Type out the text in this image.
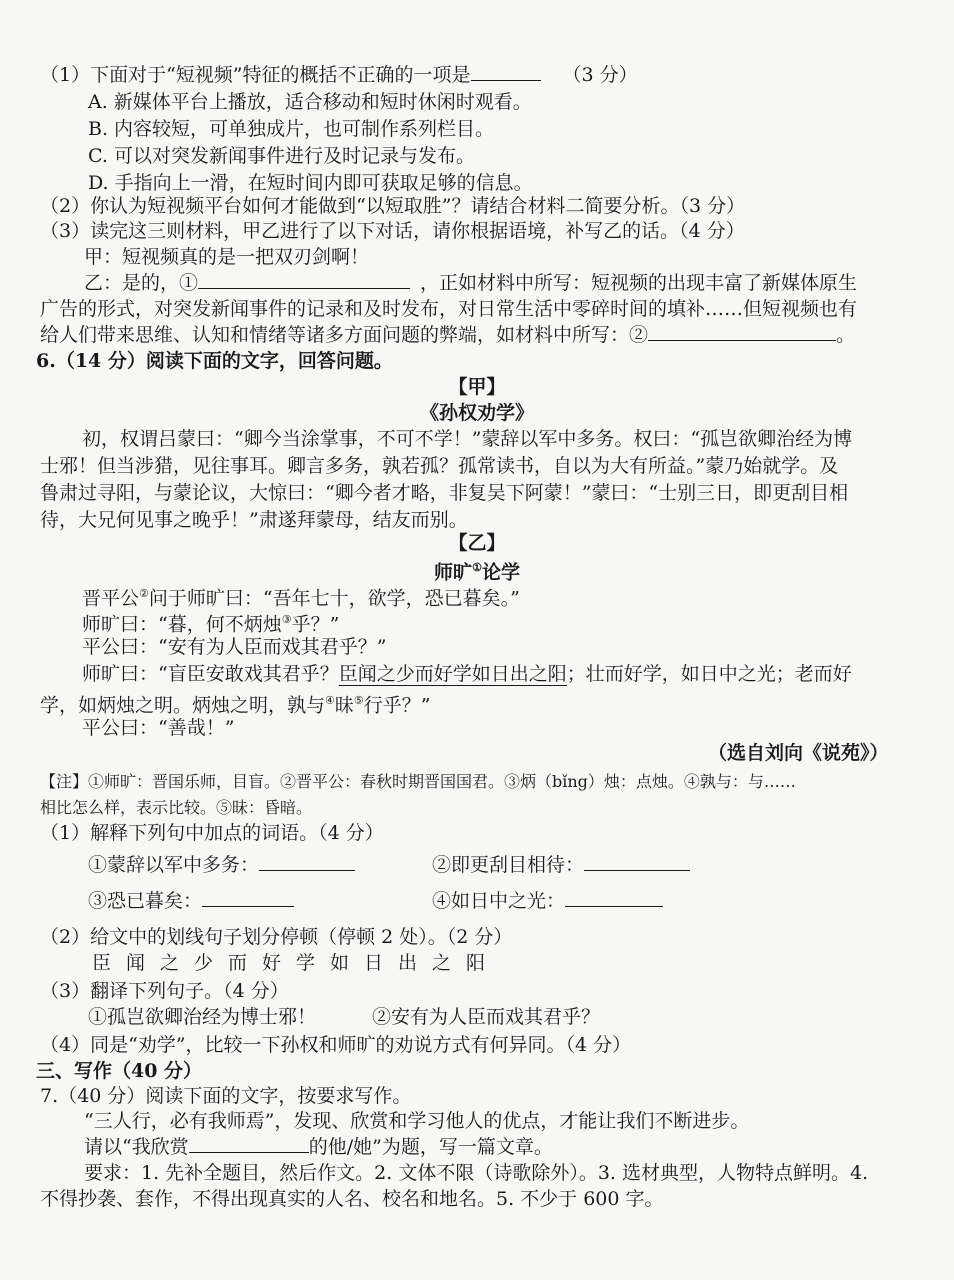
（1）下面对于“短视频”特征的概括不正确的一项是	（3 分）
A. 新媒体平台上播放，适合移动和短时休闲时观看。
B. 内容较短，可单独成片，也可制作系列栏目。
C. 可以对突发新闻事件进行及时记录与发布。
D. 手指向上一滑，在短时间内即可获取足够的信息。
（2）你认为短视频平台如何才能做到“以短取胜”？请结合材料二简要分析。（3 分）
（3）读完这三则材料，甲乙进行了以下对话，请你根据语境，补写乙的话。（4 分）
甲：短视频真的是一把双刃剑啊！
乙：是的，①	，正如材料中所写：短视频的出现丰富了新媒体原生
广告的形式，对突发新闻事件的记录和及时发布，对日常生活中零碎时间的填补……但短视频也有
给人们带来思维、认知和情绪等诸多方面问题的弊端，如材料中所写：②	。
6.（14 分）阅读下面的文字，回答问题。
【甲】
《孙权劝学》
初，权谓吕蒙曰：“卿今当涂掌事，不可不学！”蒙辞以军中多务。权曰：“孤岂欲卿治经为博
士邪！但当涉猎，见往事耳。卿言多务，孰若孤？孤常读书，自以为大有所益。”蒙乃始就学。及
鲁肃过寻阳，与蒙论议，大惊曰：“卿今者才略，非复吴下阿蒙！”蒙曰：“士别三日，即更刮目相
待，大兄何见事之晚乎！”肃遂拜蒙母，结友而别。
【乙】
师旷①论学
晋平公②问于师旷曰：“吾年七十，欲学，恐已暮矣。”
师旷曰：“暮，何不炳烛③乎？”
平公曰：“安有为人臣而戏其君乎？”
师旷曰：“盲臣安敢戏其君乎？臣闻之少而好学如日出之阳；壮而好学，如日中之光；老而好
学，如炳烛之明。炳烛之明，孰与④昧⑤行乎？”
平公曰：“善哉！”
（选自刘向《说苑》）
【注】①师旷：晋国乐师，目盲。②晋平公：春秋时期晋国国君。③炳（bǐng）烛：点烛。④孰与：与……
相比怎么样，表示比较。⑤昧：昏暗。
（1）解释下列句中加点的词语。（4 分）
①蒙辞以军中多务：	②即更刮目相待：
③恐已暮矣：	④如日中之光：
（2）给文中的划线句子划分停顿（停顿 2 处）。（2 分）
臣闻之少而好学如日出之阳
（3）翻译下列句子。（4 分）
①孤岂欲卿治经为博士邪！	②安有为人臣而戏其君乎？
（4）同是“劝学”，比较一下孙权和师旷的劝说方式有何异同。（4 分）
三、写作（40 分）
7.（40 分）阅读下面的文字，按要求写作。
“三人行，必有我师焉”，发现、欣赏和学习他人的优点，才能让我们不断进步。
请以“我欣赏	的他/她”为题，写一篇文章。
要求：1. 先补全题目，然后作文。2. 文体不限（诗歌除外）。3. 选材典型，人物特点鲜明。4.
不得抄袭、套作，不得出现真实的人名、校名和地名。5. 不少于 600 字。
